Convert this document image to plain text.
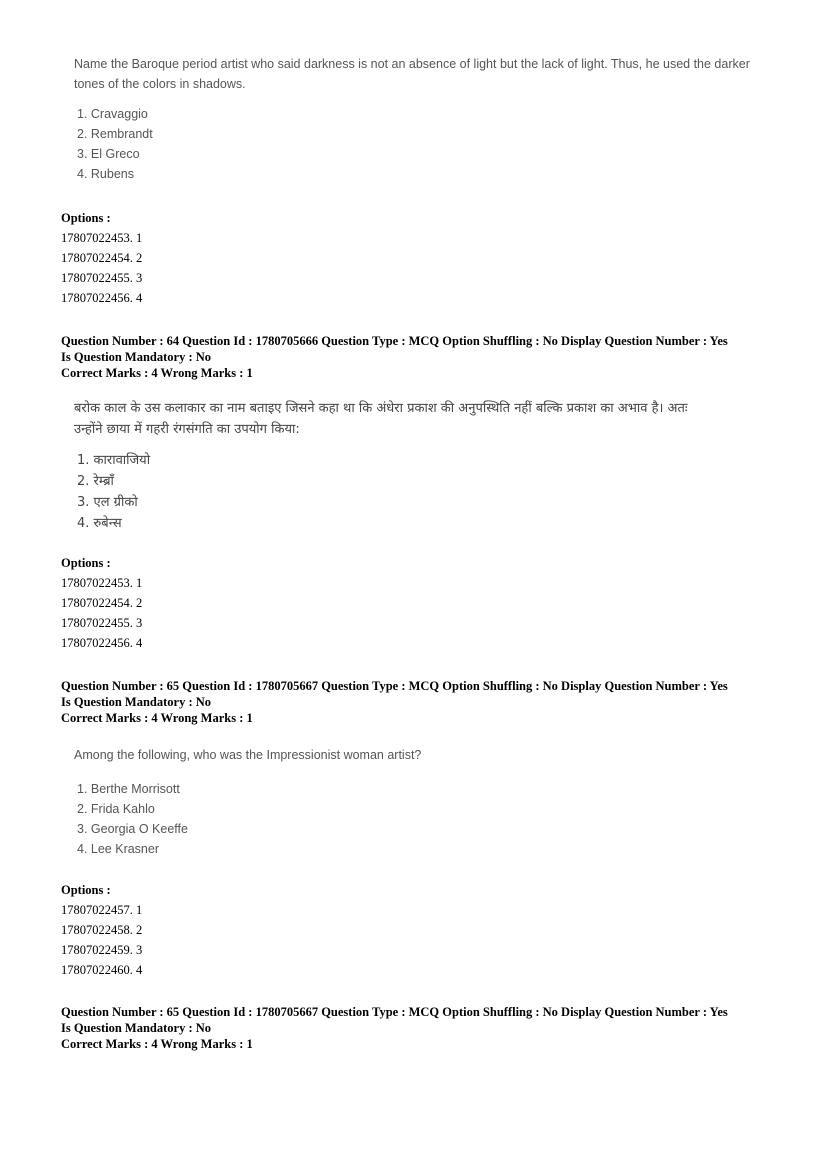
Name the Baroque period artist who said darkness is not an absence of light but the lack of light. Thus, he used the darker tones of the colors in shadows.

1. Cravaggio
2. Rembrandt
3. El Greco
4. Rubens
Options :
17807022453. 1
17807022454. 2
17807022455. 3
17807022456. 4
Question Number : 64 Question Id : 1780705666 Question Type : MCQ Option Shuffling : No Display Question Number : Yes
Is Question Mandatory : No
Correct Marks : 4 Wrong Marks : 1
बरोक काल के उस कलाकार का नाम बताइए जिसने कहा था कि अंधेरा प्रकाश की अनुपस्थिति नहीं बल्कि प्रकाश का अभाव है। अतः
उन्होंने छाया में गहरी रंगसंगति का उपयोग किया:
1. कारावाजियो
2. रेम्ब्राँ
3. एल ग्रीको
4. रुबेन्स
Options :
17807022453. 1
17807022454. 2
17807022455. 3
17807022456. 4
Question Number : 65 Question Id : 1780705667 Question Type : MCQ Option Shuffling : No Display Question Number : Yes
Is Question Mandatory : No
Correct Marks : 4 Wrong Marks : 1

Among the following, who was the Impressionist woman artist?

1. Berthe Morrisott
2. Frida Kahlo
3. Georgia O Keeffe
4. Lee Krasner
Options :
17807022457. 1
17807022458. 2
17807022459. 3
17807022460. 4
Question Number : 65 Question Id : 1780705667 Question Type : MCQ Option Shuffling : No Display Question Number : Yes
Is Question Mandatory : No
Correct Marks : 4 Wrong Marks : 1
